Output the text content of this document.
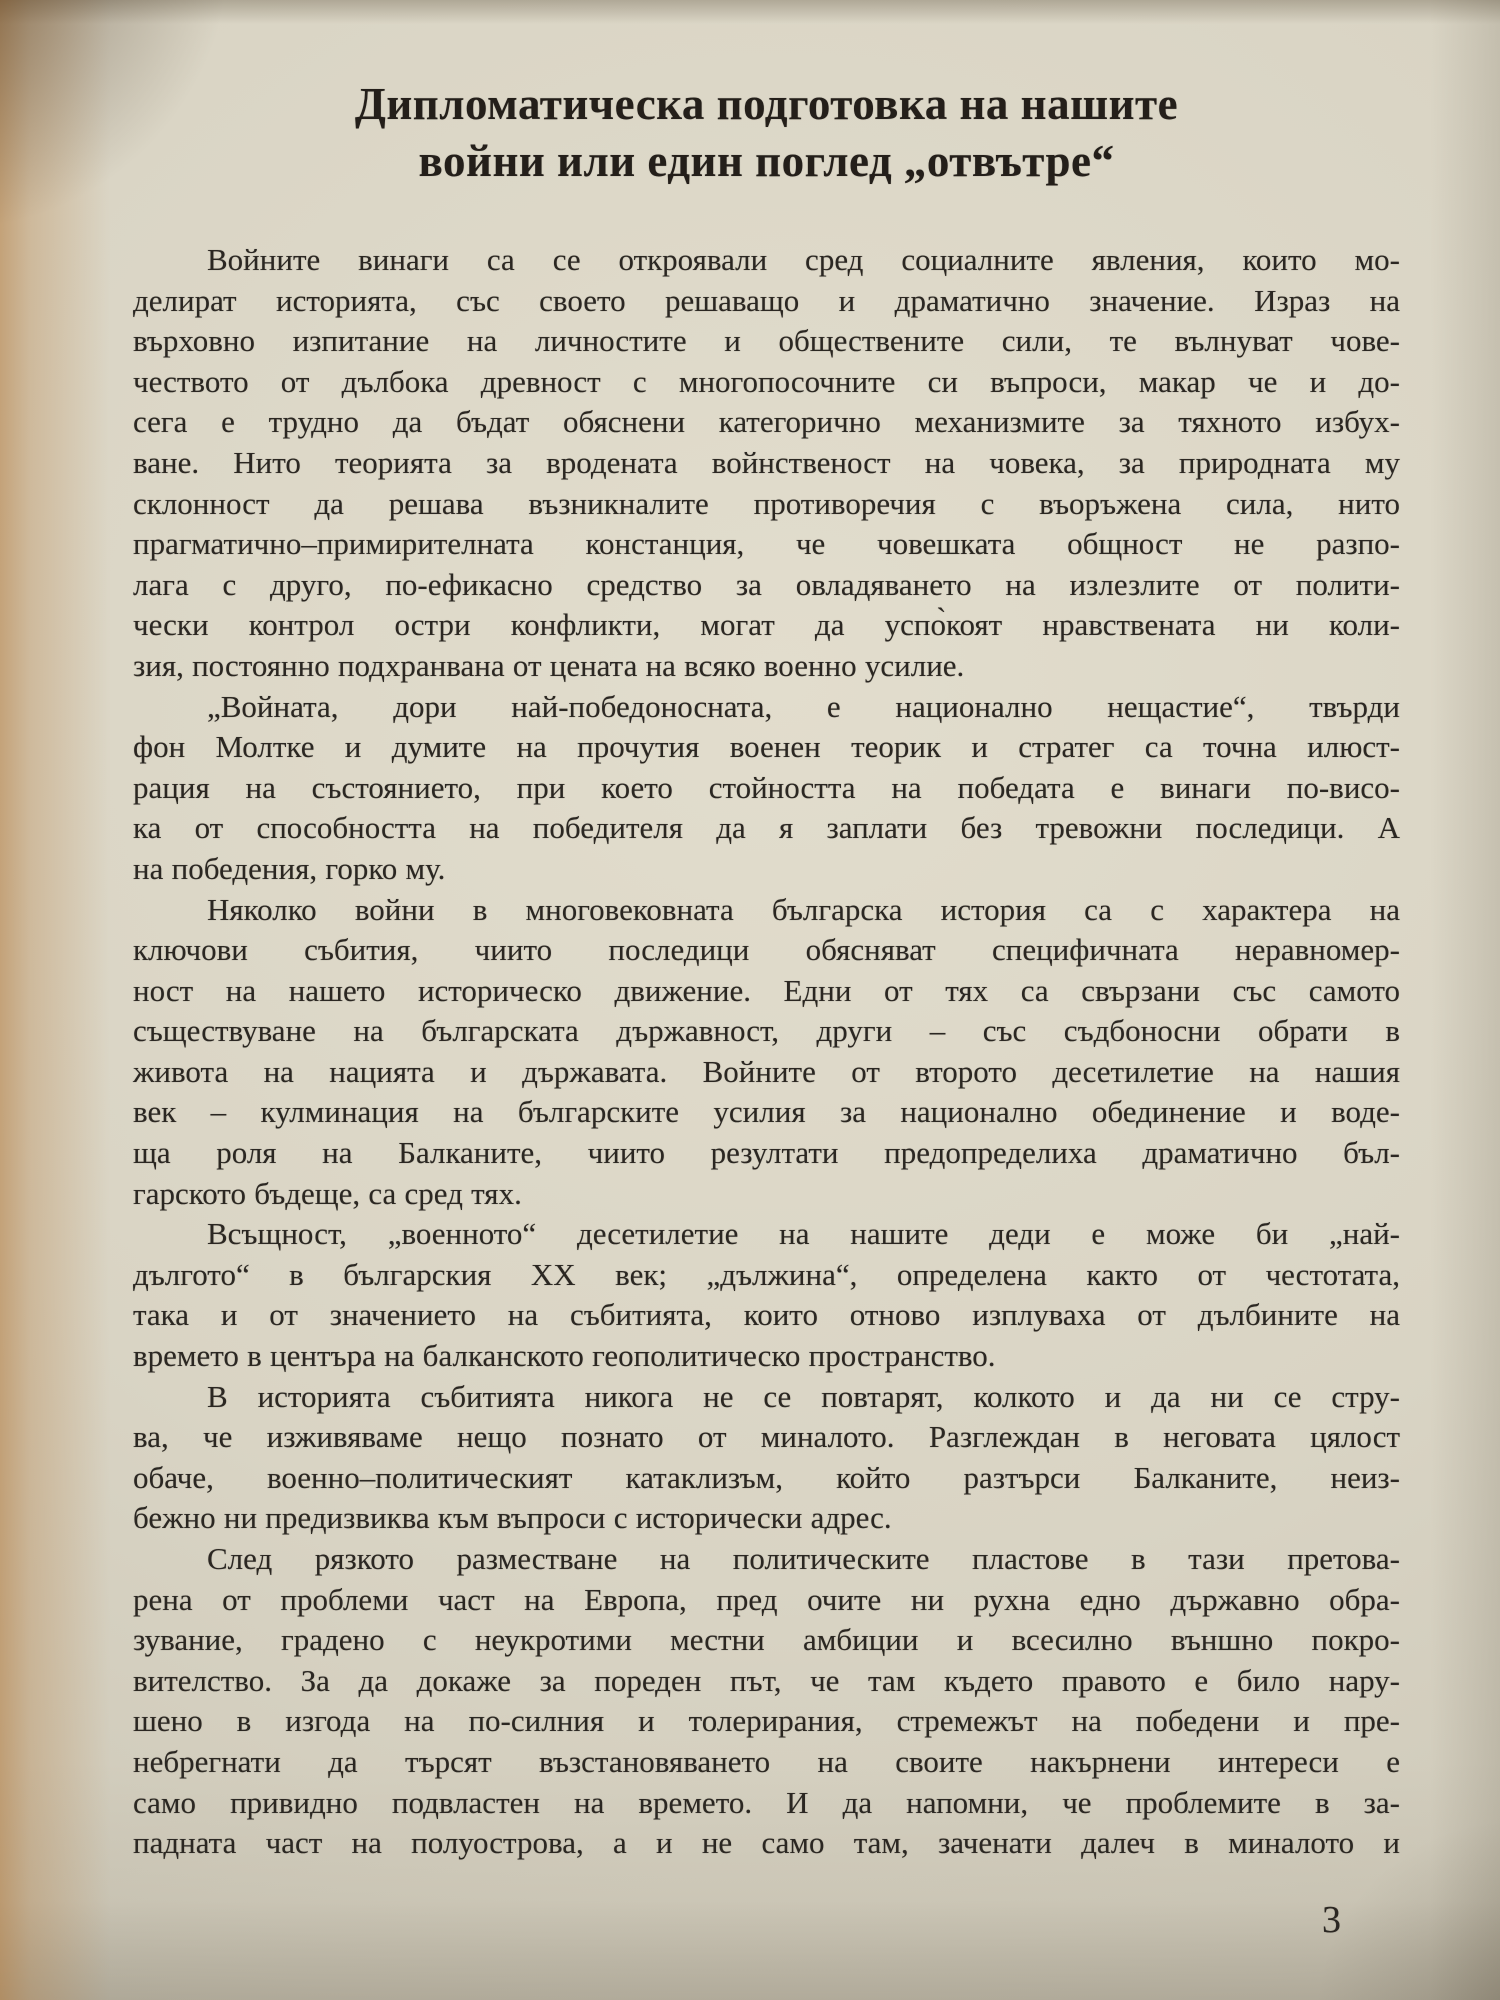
Дипломатическа подготовка на нашите
войни или един поглед „отвътре“
Войните винаги са се откроявали сред социалните явления, които мо-
делират историята, със своето решаващо и драматично значение. Израз на
върховно изпитание на личностите и обществените сили, те вълнуват чове-
чеството от дълбока древност с многопосочните си въпроси, макар че и до-
сега е трудно да бъдат обяснени категорично механизмите за тяхното избух-
ване. Нито теорията за вродената войнственост на човека, за природната му
склонност да решава възникналите противоречия с въоръжена сила, нито
прагматично–примирителната констанция, че човешката общност не разпо-
лага с друго, по-ефикасно средство за овладяването на излезлите от полити-
чески контрол остри конфликти, могат да успо̀коят нравствената ни коли-
зия, постоянно подхранвана от цената на всяко военно усилие.
„Войната, дори най-победоносната, е национално нещастие“, твърди
фон Молтке и думите на прочутия военен теорик и стратег са точна илюст-
рация на състоянието, при което стойността на победата е винаги по-висо-
ка от способността на победителя да я заплати без тревожни последици. А
на победения, горко му.
Няколко войни в многовековната българска история са с характера на
ключови събития, чиито последици обясняват специфичната неравномер-
ност на нашето историческо движение. Едни от тях са свързани със самото
съществуване на българската държавност, други – със съдбоносни обрати в
живота на нацията и държавата. Войните от второто десетилетие на нашия
век – кулминация на българските усилия за национално обединение и воде-
ща роля на Балканите, чиито резултати предопределиха драматично бъл-
гарското бъдеще, са сред тях.
Всъщност, „военното“ десетилетие на нашите деди е може би „най-
дългото“ в българския ХХ век; „дължина“, определена както от честотата,
така и от значението на събитията, които отново изплуваха от дълбините на
времето в центъра на балканското геополитическо пространство.
В историята събитията никога не се повтарят, колкото и да ни се стру-
ва, че изживяваме нещо познато от миналото. Разглеждан в неговата цялост
обаче, военно–политическият катаклизъм, който разтърси Балканите, неиз-
бежно ни предизвиква към въпроси с исторически адрес.
След рязкото разместване на политическите пластове в тази претова-
рена от проблеми част на Европа, пред очите ни рухна едно държавно обра-
зувание, градено с неукротими местни амбиции и всесилно външно покро-
вителство. За да докаже за пореден път, че там където правото е било нару-
шено в изгода на по-силния и толерирания, стремежът на победени и пре-
небрегнати да търсят възстановяването на своите накърнени интереси е
само привидно подвластен на времето. И да напомни, че проблемите в за-
падната част на полуострова, а и не само там, заченати далеч в миналото и
3
